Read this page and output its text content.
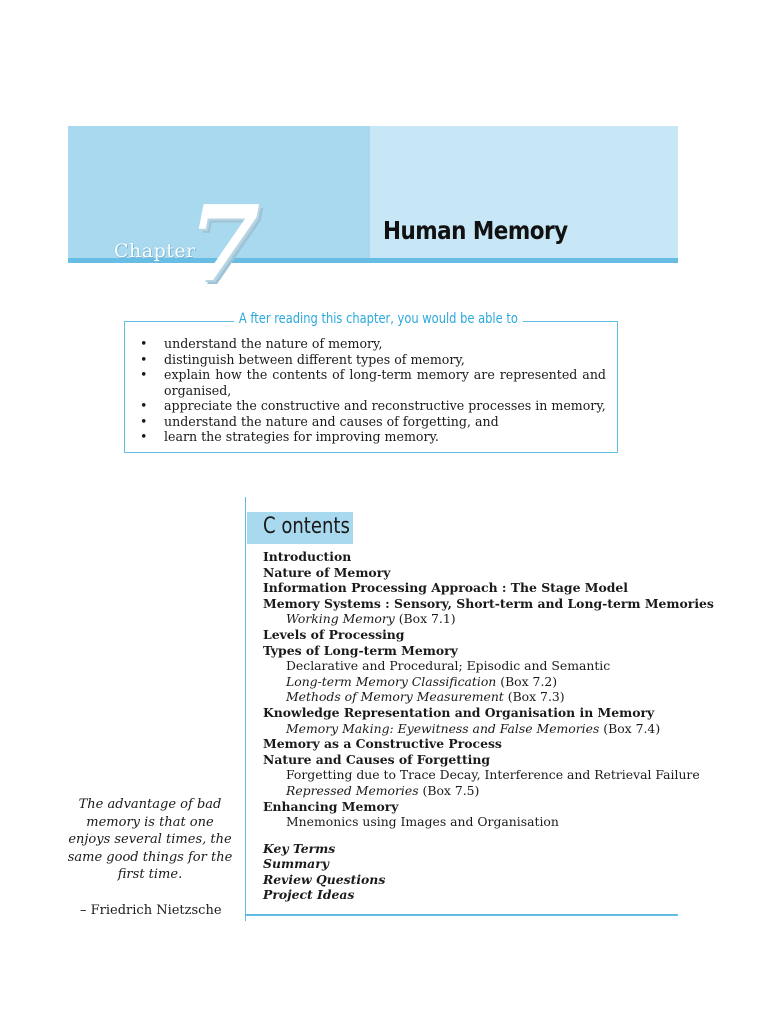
Chapter
7	Human Memory
A fter reading this chapter, you would be able to
• understand the nature of memory,
• distinguish between different types of memory,
• explain how the contents of long-term memory are represented and organised,
• appreciate the constructive and reconstructive processes in memory,
• understand the nature and causes of forgetting, and
• learn the strategies for improving memory.
C ontents
Introduction
Nature of Memory
Information Processing Approach : The Stage Model
Memory Systems : Sensory, Short-term and Long-term Memories
Working Memory (Box 7.1)
Levels of Processing
Types of Long-term Memory
Declarative and Procedural; Episodic and Semantic
Long-term Memory Classification (Box 7.2)
Methods of Memory Measurement (Box 7.3)
Knowledge Representation and Organisation in Memory
Memory Making: Eyewitness and False Memories (Box 7.4)
Memory as a Constructive Process
Nature and Causes of Forgetting
Forgetting due to Trace Decay, Interference and Retrieval Failure
Repressed Memories (Box 7.5)
Enhancing Memory
Mnemonics using Images and Organisation
Key Terms
Summary
Review Questions
Project Ideas
The advantage of bad memory is that one enjoys several times, the same good things for the first time.
– Friedrich Nietzsche
